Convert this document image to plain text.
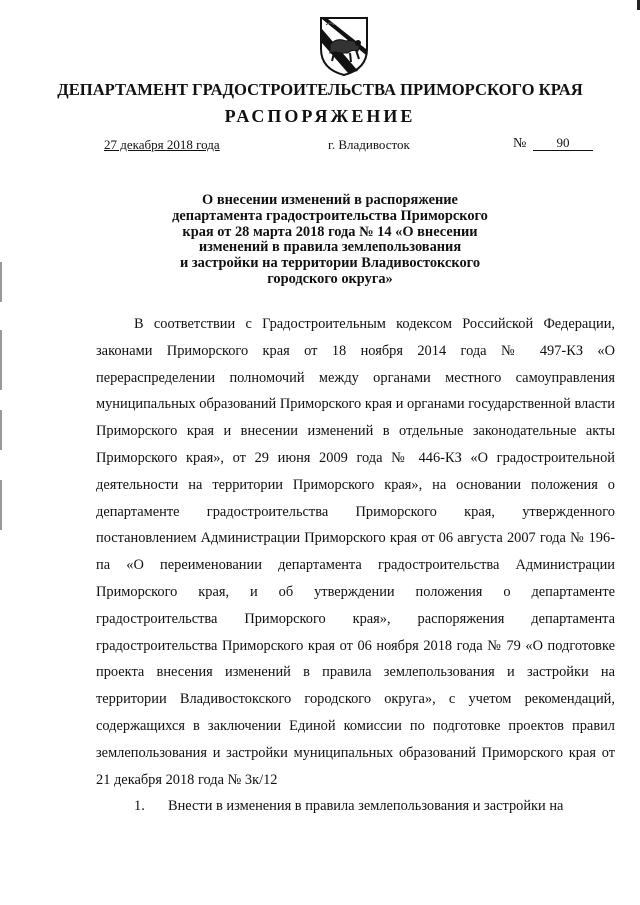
ДЕПАРТАМЕНТ ГРАДОСТРОИТЕЛЬСТВА ПРИМОРСКОГО КРАЯ
РАСПОРЯЖЕНИЕ
27 декабря 2018 года	г. Владивосток	№	90
О внесении изменений в распоряжение
департамента градостроительства Приморского
края от 28 марта 2018 года № 14 «О внесении
изменений в правила землепользования
и застройки на территории Владивостокского
городского округа»

В соответствии с Градостроительным кодексом Российской Федерации, законами Приморского края от 18 ноября 2014 года № 497-КЗ «О перераспределении полномочий между органами местного самоуправления муниципальных образований Приморского края и органами государственной власти Приморского края и внесении изменений в отдельные законодательные акты Приморского края», от 29 июня 2009 года № 446-КЗ «О градостроительной деятельности на территории Приморского края», на основании положения о департаменте градостроительства Приморского края, утвержденного постановлением Администрации Приморского края от 06 августа 2007 года № 196-па «О переименовании департамента градостроительства Администрации Приморского края, и об утверждении положения о департаменте градостроительства Приморского края», распоряжения департамента градостроительства Приморского края от 06 ноября 2018 года № 79 «О подготовке проекта внесения изменений в правила землепользования и застройки на территории Владивостокского городского округа», с учетом рекомендаций, содержащихся в заключении Единой комиссии по подготовке проектов правил землепользования и застройки муниципальных образований Приморского края от 21 декабря 2018 года № 3к/12

1. Внести в изменения в правила землепользования и застройки на
